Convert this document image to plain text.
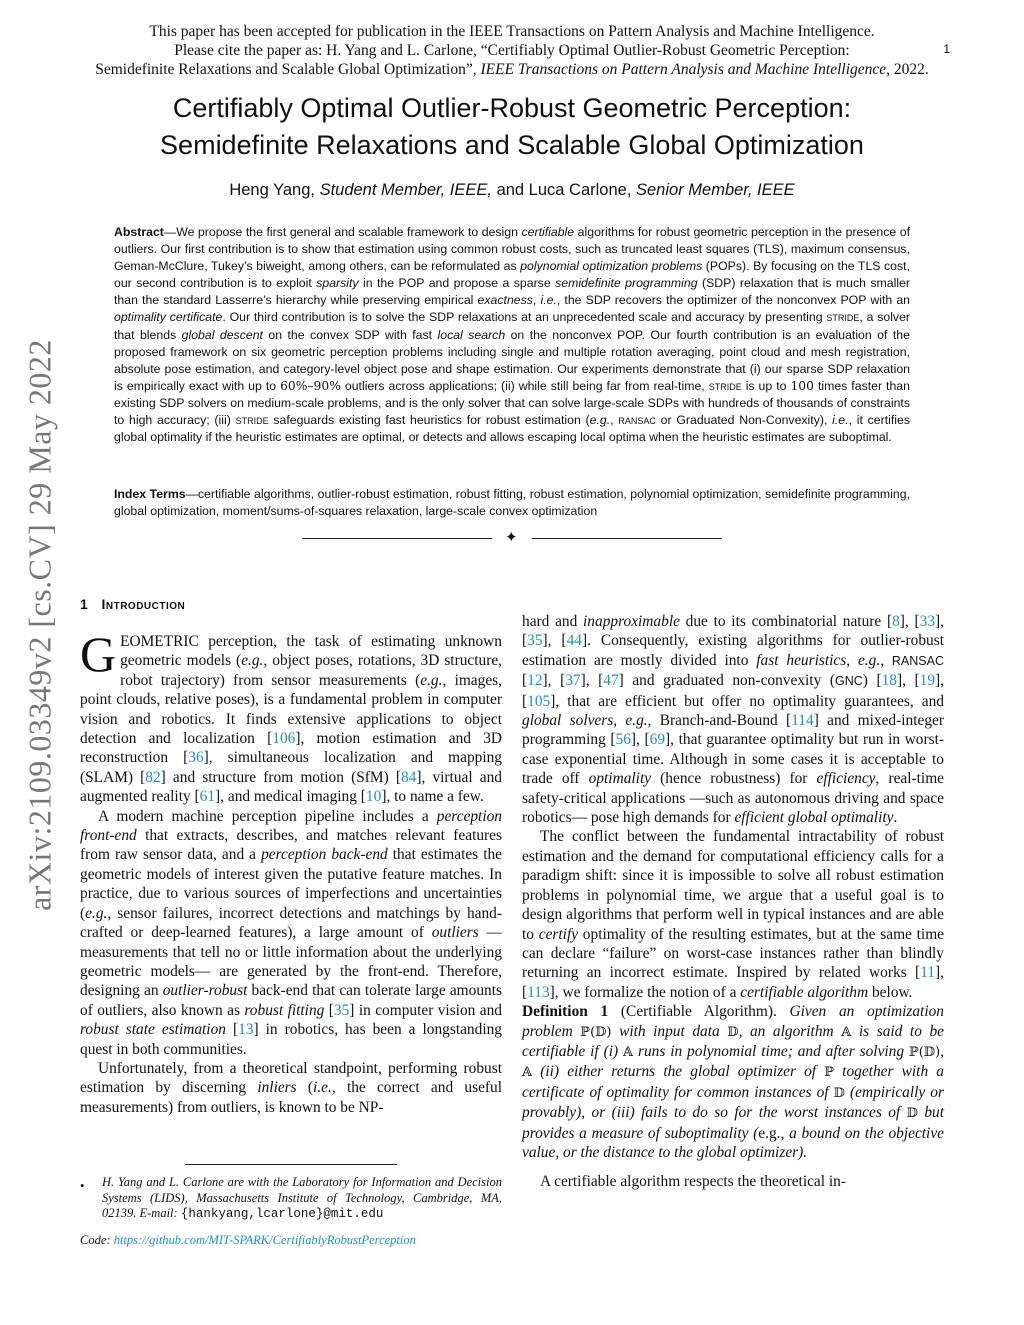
This paper has been accepted for publication in the IEEE Transactions on Pattern Analysis and Machine Intelligence.
Please cite the paper as: H. Yang and L. Carlone, “Certifiably Optimal Outlier-Robust Geometric Perception:
Semidefinite Relaxations and Scalable Global Optimization”, IEEE Transactions on Pattern Analysis and Machine Intelligence, 2022.
1
arXiv:2109.03349v2 [cs.CV] 29 May 2022
Certifiably Optimal Outlier-Robust Geometric Perception:
Semidefinite Relaxations and Scalable Global Optimization
Heng Yang, Student Member, IEEE, and Luca Carlone, Senior Member, IEEE
Abstract—We propose the first general and scalable framework to design certifiable algorithms for robust geometric perception in the presence of outliers. Our first contribution is to show that estimation using common robust costs, such as truncated least squares (TLS), maximum consensus, Geman-McClure, Tukey’s biweight, among others, can be reformulated as polynomial optimization problems (POPs). By focusing on the TLS cost, our second contribution is to exploit sparsity in the POP and propose a sparse semidefinite programming (SDP) relaxation that is much smaller than the standard Lasserre’s hierarchy while preserving empirical exactness, i.e., the SDP recovers the optimizer of the nonconvex POP with an optimality certificate. Our third contribution is to solve the SDP relaxations at an unprecedented scale and accuracy by presenting stride, a solver that blends global descent on the convex SDP with fast local search on the nonconvex POP. Our fourth contribution is an evaluation of the proposed framework on six geometric perception problems including single and multiple rotation averaging, point cloud and mesh registration, absolute pose estimation, and category-level object pose and shape estimation. Our experiments demonstrate that (i) our sparse SDP relaxation is empirically exact with up to 60%–90% outliers across applications; (ii) while still being far from real-time, stride is up to 100 times faster than existing SDP solvers on medium-scale problems, and is the only solver that can solve large-scale SDPs with hundreds of thousands of constraints to high accuracy; (iii) stride safeguards existing fast heuristics for robust estimation (e.g., ransac or Graduated Non-Convexity), i.e., it certifies global optimality if the heuristic estimates are optimal, or detects and allows escaping local optima when the heuristic estimates are suboptimal.
Index Terms—certifiable algorithms, outlier-robust estimation, robust fitting, robust estimation, polynomial optimization, semidefinite programming, global optimization, moment/sums-of-squares relaxation, large-scale convex optimization
✦
1 Introduction

GEOMETRIC perception, the task of estimating unknown geometric models (e.g., object poses, rotations, 3D structure, robot trajectory) from sensor measurements (e.g., images, point clouds, relative poses), is a fundamental problem in computer vision and robotics. It finds extensive applications to object detection and localization [106], motion estimation and 3D reconstruction [36], simultaneous localization and mapping (SLAM) [82] and structure from motion (SfM) [84], virtual and augmented reality [61], and medical imaging [10], to name a few.

A modern machine perception pipeline includes a perception front-end that extracts, describes, and matches relevant features from raw sensor data, and a perception back-end that estimates the geometric models of interest given the putative feature matches. In practice, due to various sources of imperfections and uncertainties (e.g., sensor failures, incorrect detections and matchings by hand-crafted or deep-learned features), a large amount of outliers —measurements that tell no or little information about the underlying geometric models— are generated by the front-end. Therefore, designing an outlier-robust back-end that can tolerate large amounts of outliers, also known as robust fitting [35] in computer vision and robust state estimation [13] in robotics, has been a longstanding quest in both communities.

Unfortunately, from a theoretical standpoint, performing robust estimation by discerning inliers (i.e., the correct and useful measurements) from outliers, is known to be NP-

• H. Yang and L. Carlone are with the Laboratory for Information and Decision Systems (LIDS), Massachusetts Institute of Technology, Cambridge, MA, 02139. E-mail: {hankyang,lcarlone}@mit.edu
Code: https://github.com/MIT-SPARK/CertifiablyRobustPerception

hard and inapproximable due to its combinatorial nature [8], [33], [35], [44]. Consequently, existing algorithms for outlier-robust estimation are mostly divided into fast heuristics, e.g., RANSAC [12], [37], [47] and graduated non-convexity (GNC) [18], [19], [105], that are efficient but offer no optimality guarantees, and global solvers, e.g., Branch-and-Bound [114] and mixed-integer programming [56], [69], that guarantee optimality but run in worst-case exponential time. Although in some cases it is acceptable to trade off optimality (hence robustness) for efficiency, real-time safety-critical applications —such as autonomous driving and space robotics— pose high demands for efficient global optimality.

The conflict between the fundamental intractability of robust estimation and the demand for computational efficiency calls for a paradigm shift: since it is impossible to solve all robust estimation problems in polynomial time, we argue that a useful goal is to design algorithms that perform well in typical instances and are able to certify optimality of the resulting estimates, but at the same time can declare “failure” on worst-case instances rather than blindly returning an incorrect estimate. Inspired by related works [11], [113], we formalize the notion of a certifiable algorithm below.

Definition 1 (Certifiable Algorithm). Given an optimization problem ℙ(𝔻) with input data 𝔻, an algorithm 𝔸 is said to be certifiable if (i) 𝔸 runs in polynomial time; and after solving ℙ(𝔻), 𝔸 (ii) either returns the global optimizer of ℙ together with a certificate of optimality for common instances of 𝔻 (empirically or provably), or (iii) fails to do so for the worst instances of 𝔻 but provides a measure of suboptimality (e.g., a bound on the objective value, or the distance to the global optimizer).

A certifiable algorithm respects the theoretical in-
